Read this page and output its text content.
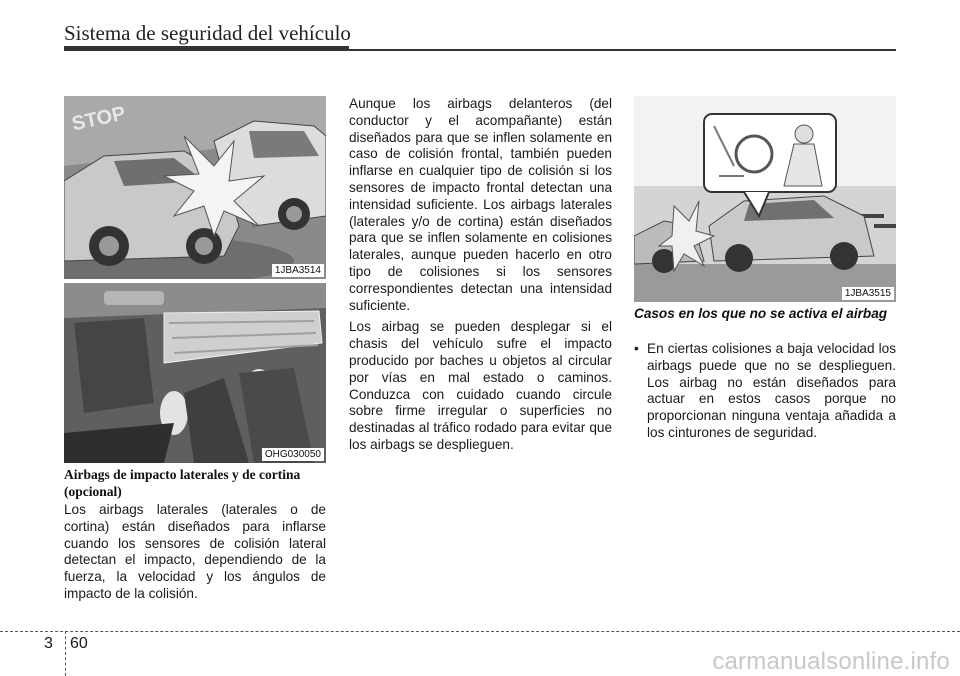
Sistema de seguridad del vehículo
STOP
1JBA3514
OHG030050
1JBA3515
Airbags de impacto laterales y de cortina (opcional)

Los airbags laterales (laterales o de cortina) están diseñados para inflarse cuando los sensores de colisión lateral detectan el impacto, dependiendo de la fuerza, la velocidad y los ángulos de impacto de la colisión.

Aunque los airbags delanteros (del conductor y el acompañante) están diseñados para que se inflen solamente en caso de colisión frontal, también pueden inflarse en cualquier tipo de colisión si los sensores de impacto frontal detectan una intensidad suficiente. Los airbags laterales (laterales y/o de cortina) están diseñados para que se inflen solamente en colisiones laterales, aunque pueden hacerlo en otro tipo de colisiones si los sensores correspondientes detectan una intensidad suficiente.

Los airbag se pueden desplegar si el chasis del vehículo sufre el impacto producido por baches u objetos al circular por vías en mal estado o caminos. Conduzca con cuidado cuando circule sobre firme irregular o superficies no destinadas al tráfico rodado para evitar que los airbags se desplieguen.

Casos en los que no se activa el airbag
• En ciertas colisiones a baja velocidad los airbags puede que no se desplieguen. Los airbag no están diseñados para actuar en estos casos porque no proporcionan ninguna ventaja añadida a los cinturones de seguridad.
3 60
carmanualsonline.info
